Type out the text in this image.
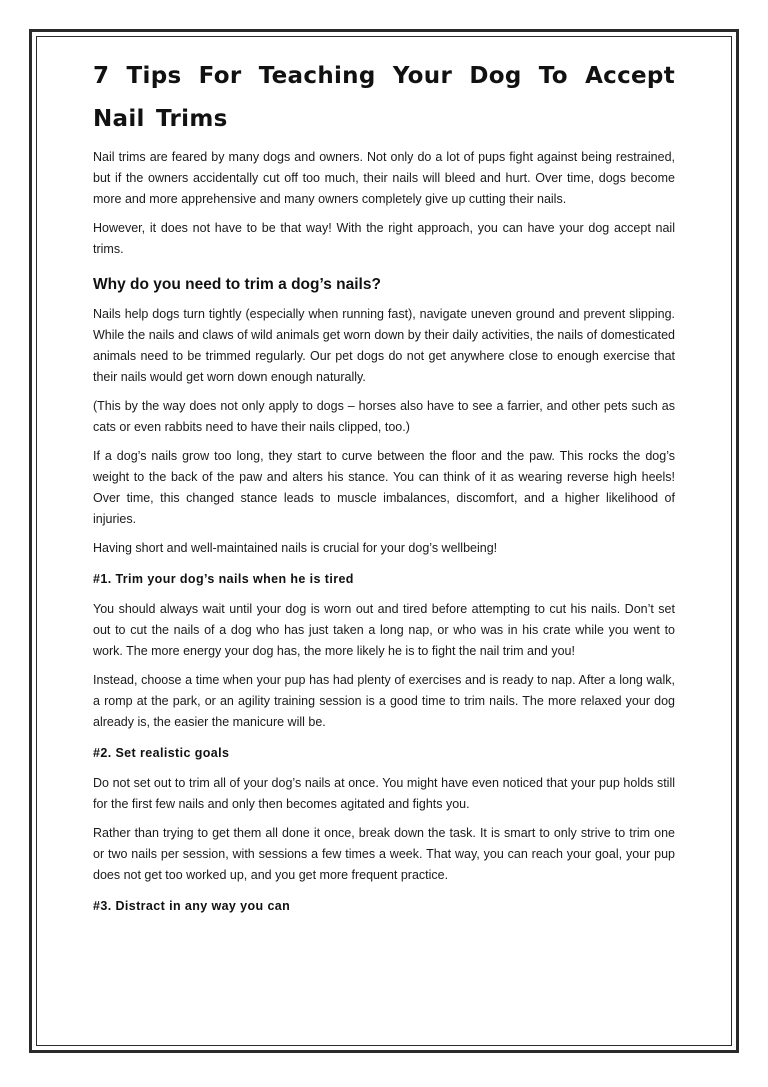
7 Tips For Teaching Your Dog To Accept Nail Trims

Nail trims are feared by many dogs and owners. Not only do a lot of pups fight against being restrained, but if the owners accidentally cut off too much, their nails will bleed and hurt. Over time, dogs become more and more apprehensive and many owners completely give up cutting their nails.

However, it does not have to be that way! With the right approach, you can have your dog accept nail trims.

Why do you need to trim a dog’s nails?

Nails help dogs turn tightly (especially when running fast), navigate uneven ground and prevent slipping. While the nails and claws of wild animals get worn down by their daily activities, the nails of domesticated animals need to be trimmed regularly. Our pet dogs do not get anywhere close to enough exercise that their nails would get worn down enough naturally.

(This by the way does not only apply to dogs – horses also have to see a farrier, and other pets such as cats or even rabbits need to have their nails clipped, too.)

If a dog’s nails grow too long, they start to curve between the floor and the paw. This rocks the dog’s weight to the back of the paw and alters his stance. You can think of it as wearing reverse high heels! Over time, this changed stance leads to muscle imbalances, discomfort, and a higher likelihood of injuries.

Having short and well-maintained nails is crucial for your dog’s wellbeing!

#1. Trim your dog’s nails when he is tired

You should always wait until your dog is worn out and tired before attempting to cut his nails. Don’t set out to cut the nails of a dog who has just taken a long nap, or who was in his crate while you went to work. The more energy your dog has, the more likely he is to fight the nail trim and you!

Instead, choose a time when your pup has had plenty of exercises and is ready to nap. After a long walk, a romp at the park, or an agility training session is a good time to trim nails. The more relaxed your dog already is, the easier the manicure will be.

#2. Set realistic goals

Do not set out to trim all of your dog’s nails at once. You might have even noticed that your pup holds still for the first few nails and only then becomes agitated and fights you.

Rather than trying to get them all done it once, break down the task. It is smart to only strive to trim one or two nails per session, with sessions a few times a week. That way, you can reach your goal, your pup does not get too worked up, and you get more frequent practice.

#3. Distract in any way you can
